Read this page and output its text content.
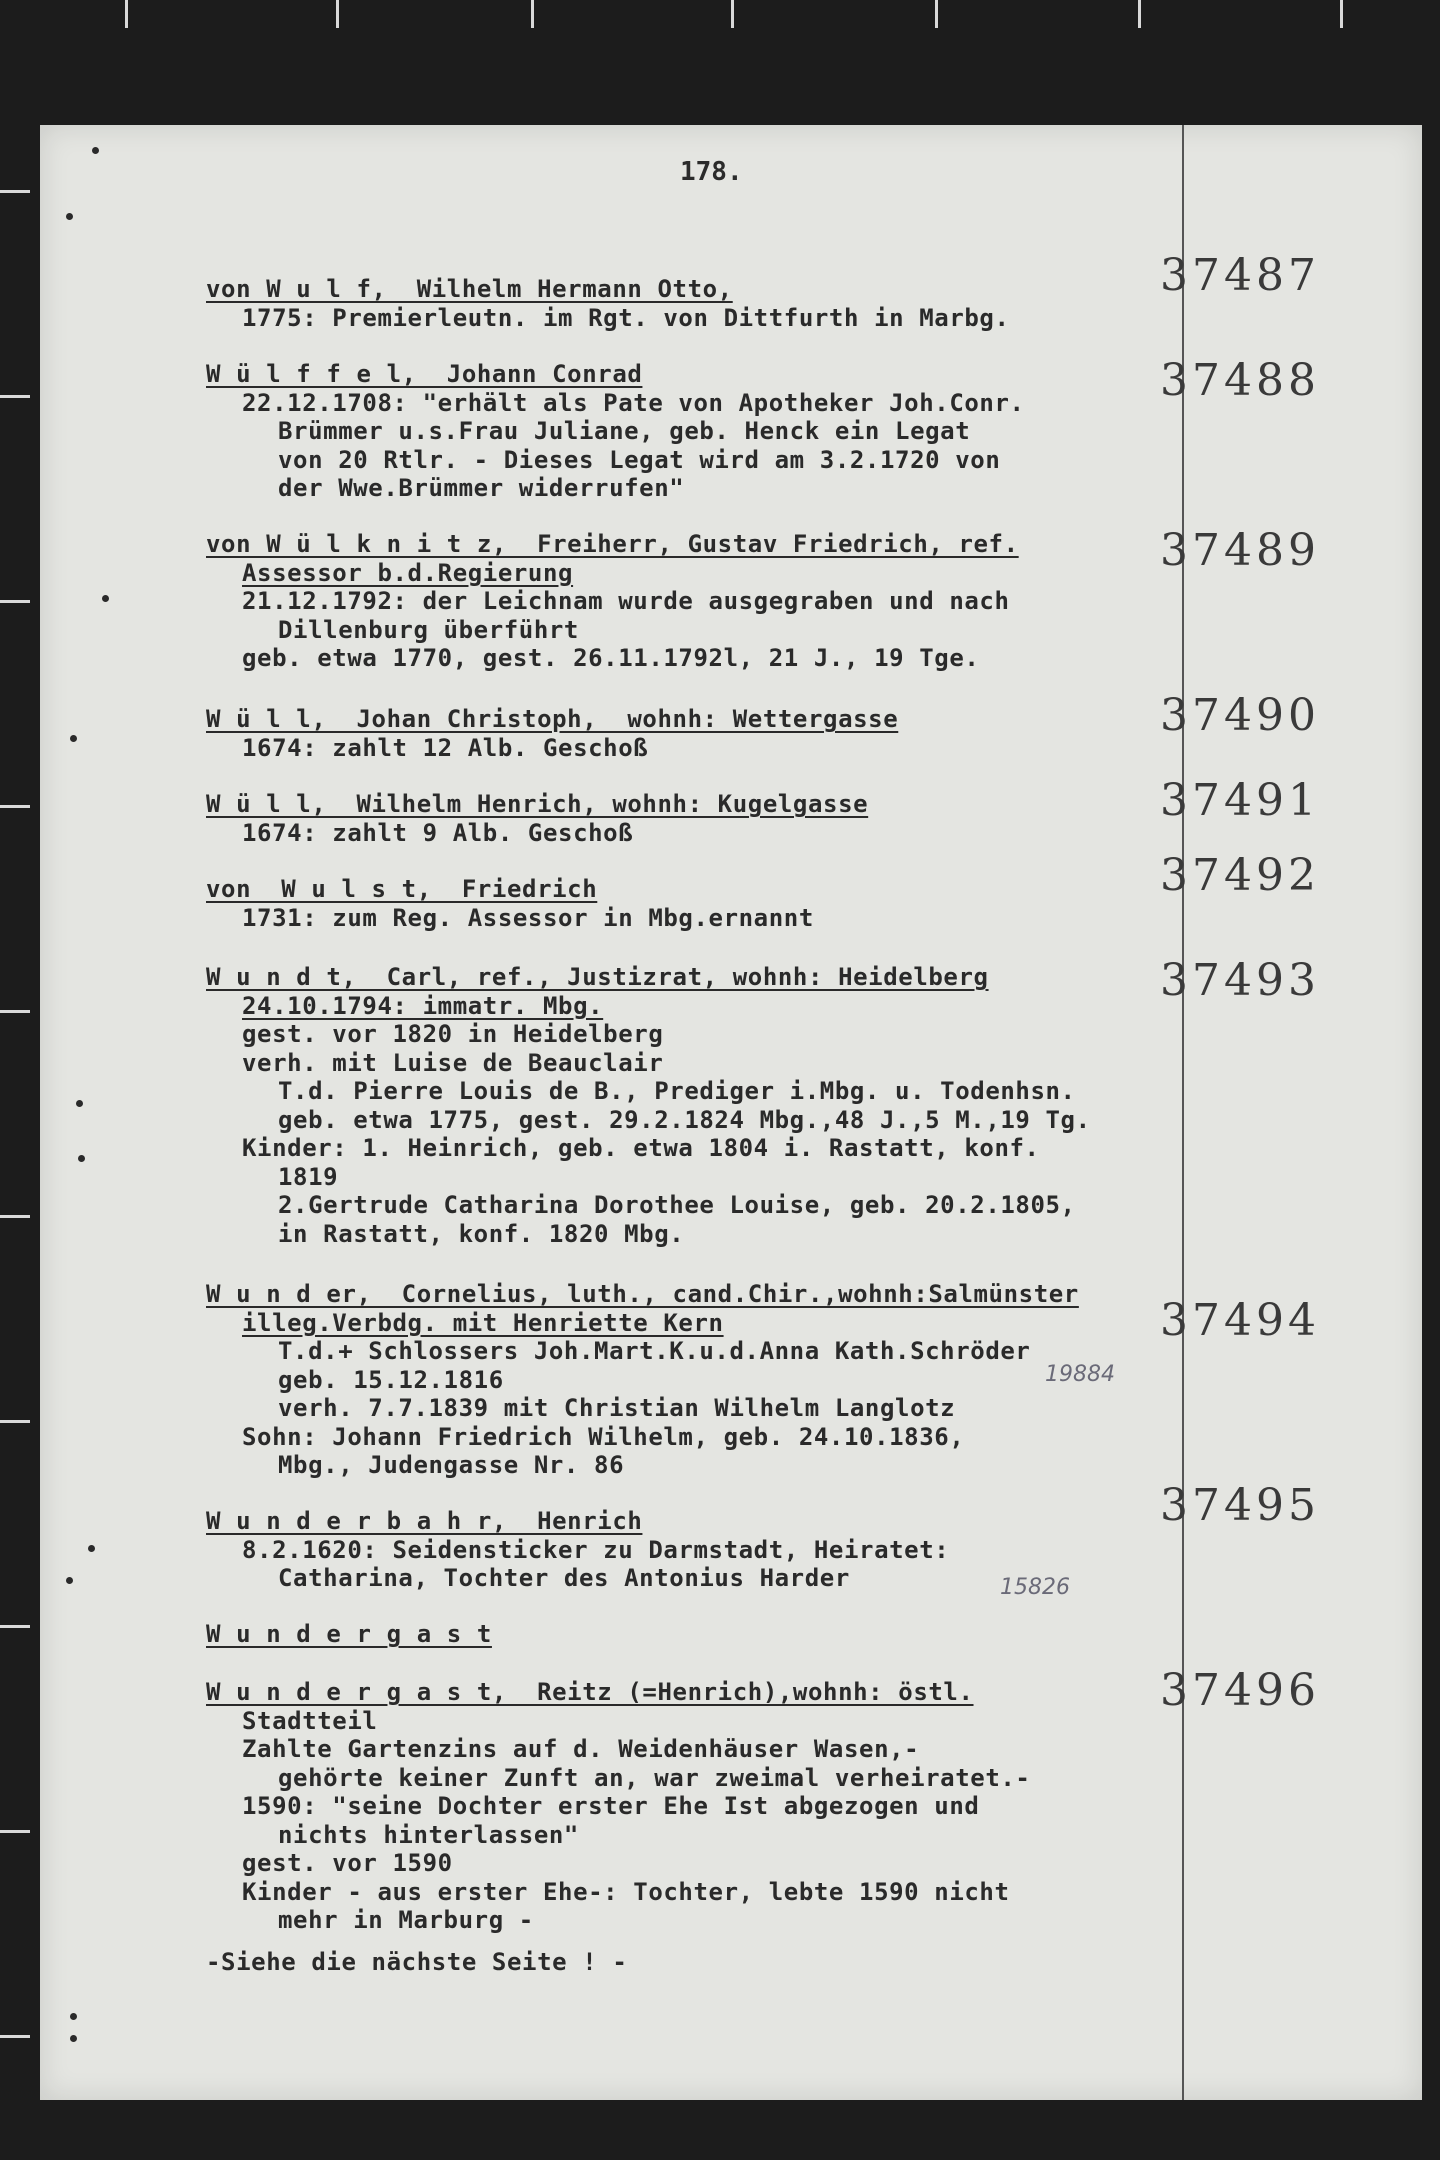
178.
37487
von W u l f,  Wilhelm Hermann Otto,
1775: Premierleutn. im Rgt. von Dittfurth in Marbg.
37488
W ü l f f e l,  Johann Conrad
22.12.1708: "erhält als Pate von Apotheker Joh.Conr.
Brümmer u.s.Frau Juliane, geb. Henck ein Legat
von 20 Rtlr. - Dieses Legat wird am 3.2.1720 von
der Wwe.Brümmer widerrufen"
37489
von W ü l k n i t z,  Freiherr, Gustav Friedrich, ref.
Assessor b.d.Regierung
21.12.1792: der Leichnam wurde ausgegraben und nach
Dillenburg überführt
geb. etwa 1770, gest. 26.11.1792l, 21 J., 19 Tge.
37490
W ü l l,  Johan Christoph,  wohnh: Wettergasse
1674: zahlt 12 Alb. Geschoß
37491
W ü l l,  Wilhelm Henrich, wohnh: Kugelgasse
1674: zahlt 9 Alb. Geschoß
37492
von  W u l s t,  Friedrich
1731: zum Reg. Assessor in Mbg.ernannt
37493
W u n d t,  Carl, ref., Justizrat, wohnh: Heidelberg
24.10.1794: immatr. Mbg.
gest. vor 1820 in Heidelberg
verh. mit Luise de Beauclair
T.d. Pierre Louis de B., Prediger i.Mbg. u. Todenhsn.
geb. etwa 1775, gest. 29.2.1824 Mbg.,48 J.,5 M.,19 Tg.
Kinder: 1. Heinrich, geb. etwa 1804 i. Rastatt, konf.
1819
2.Gertrude Catharina Dorothee Louise, geb. 20.2.1805,
in Rastatt, konf. 1820 Mbg.
37494
W u n d er,  Cornelius, luth., cand.Chir.,wohnh:Salmünster
illeg.Verbdg. mit Henriette Kern
T.d.+ Schlossers Joh.Mart.K.u.d.Anna Kath.Schröder
geb. 15.12.1816
verh. 7.7.1839 mit Christian Wilhelm Langlotz
Sohn: Johann Friedrich Wilhelm, geb. 24.10.1836,
Mbg., Judengasse Nr. 86
19884
37495
W u n d e r b a h r,  Henrich
8.2.1620: Seidensticker zu Darmstadt, Heiratet:
Catharina, Tochter des Antonius Harder	15826
W u n d e r g a s t
37496
W u n d e r g a s t,  Reitz (=Henrich),wohnh: östl.
Stadtteil
Zahlte Gartenzins auf d. Weidenhäuser Wasen,-
gehörte keiner Zunft an, war zweimal verheiratet.-
1590: "seine Dochter erster Ehe Ist abgezogen und
nichts hinterlassen"
gest. vor 1590
Kinder - aus erster Ehe-: Tochter, lebte 1590 nicht
mehr in Marburg -
-Siehe die nächste Seite ! -
